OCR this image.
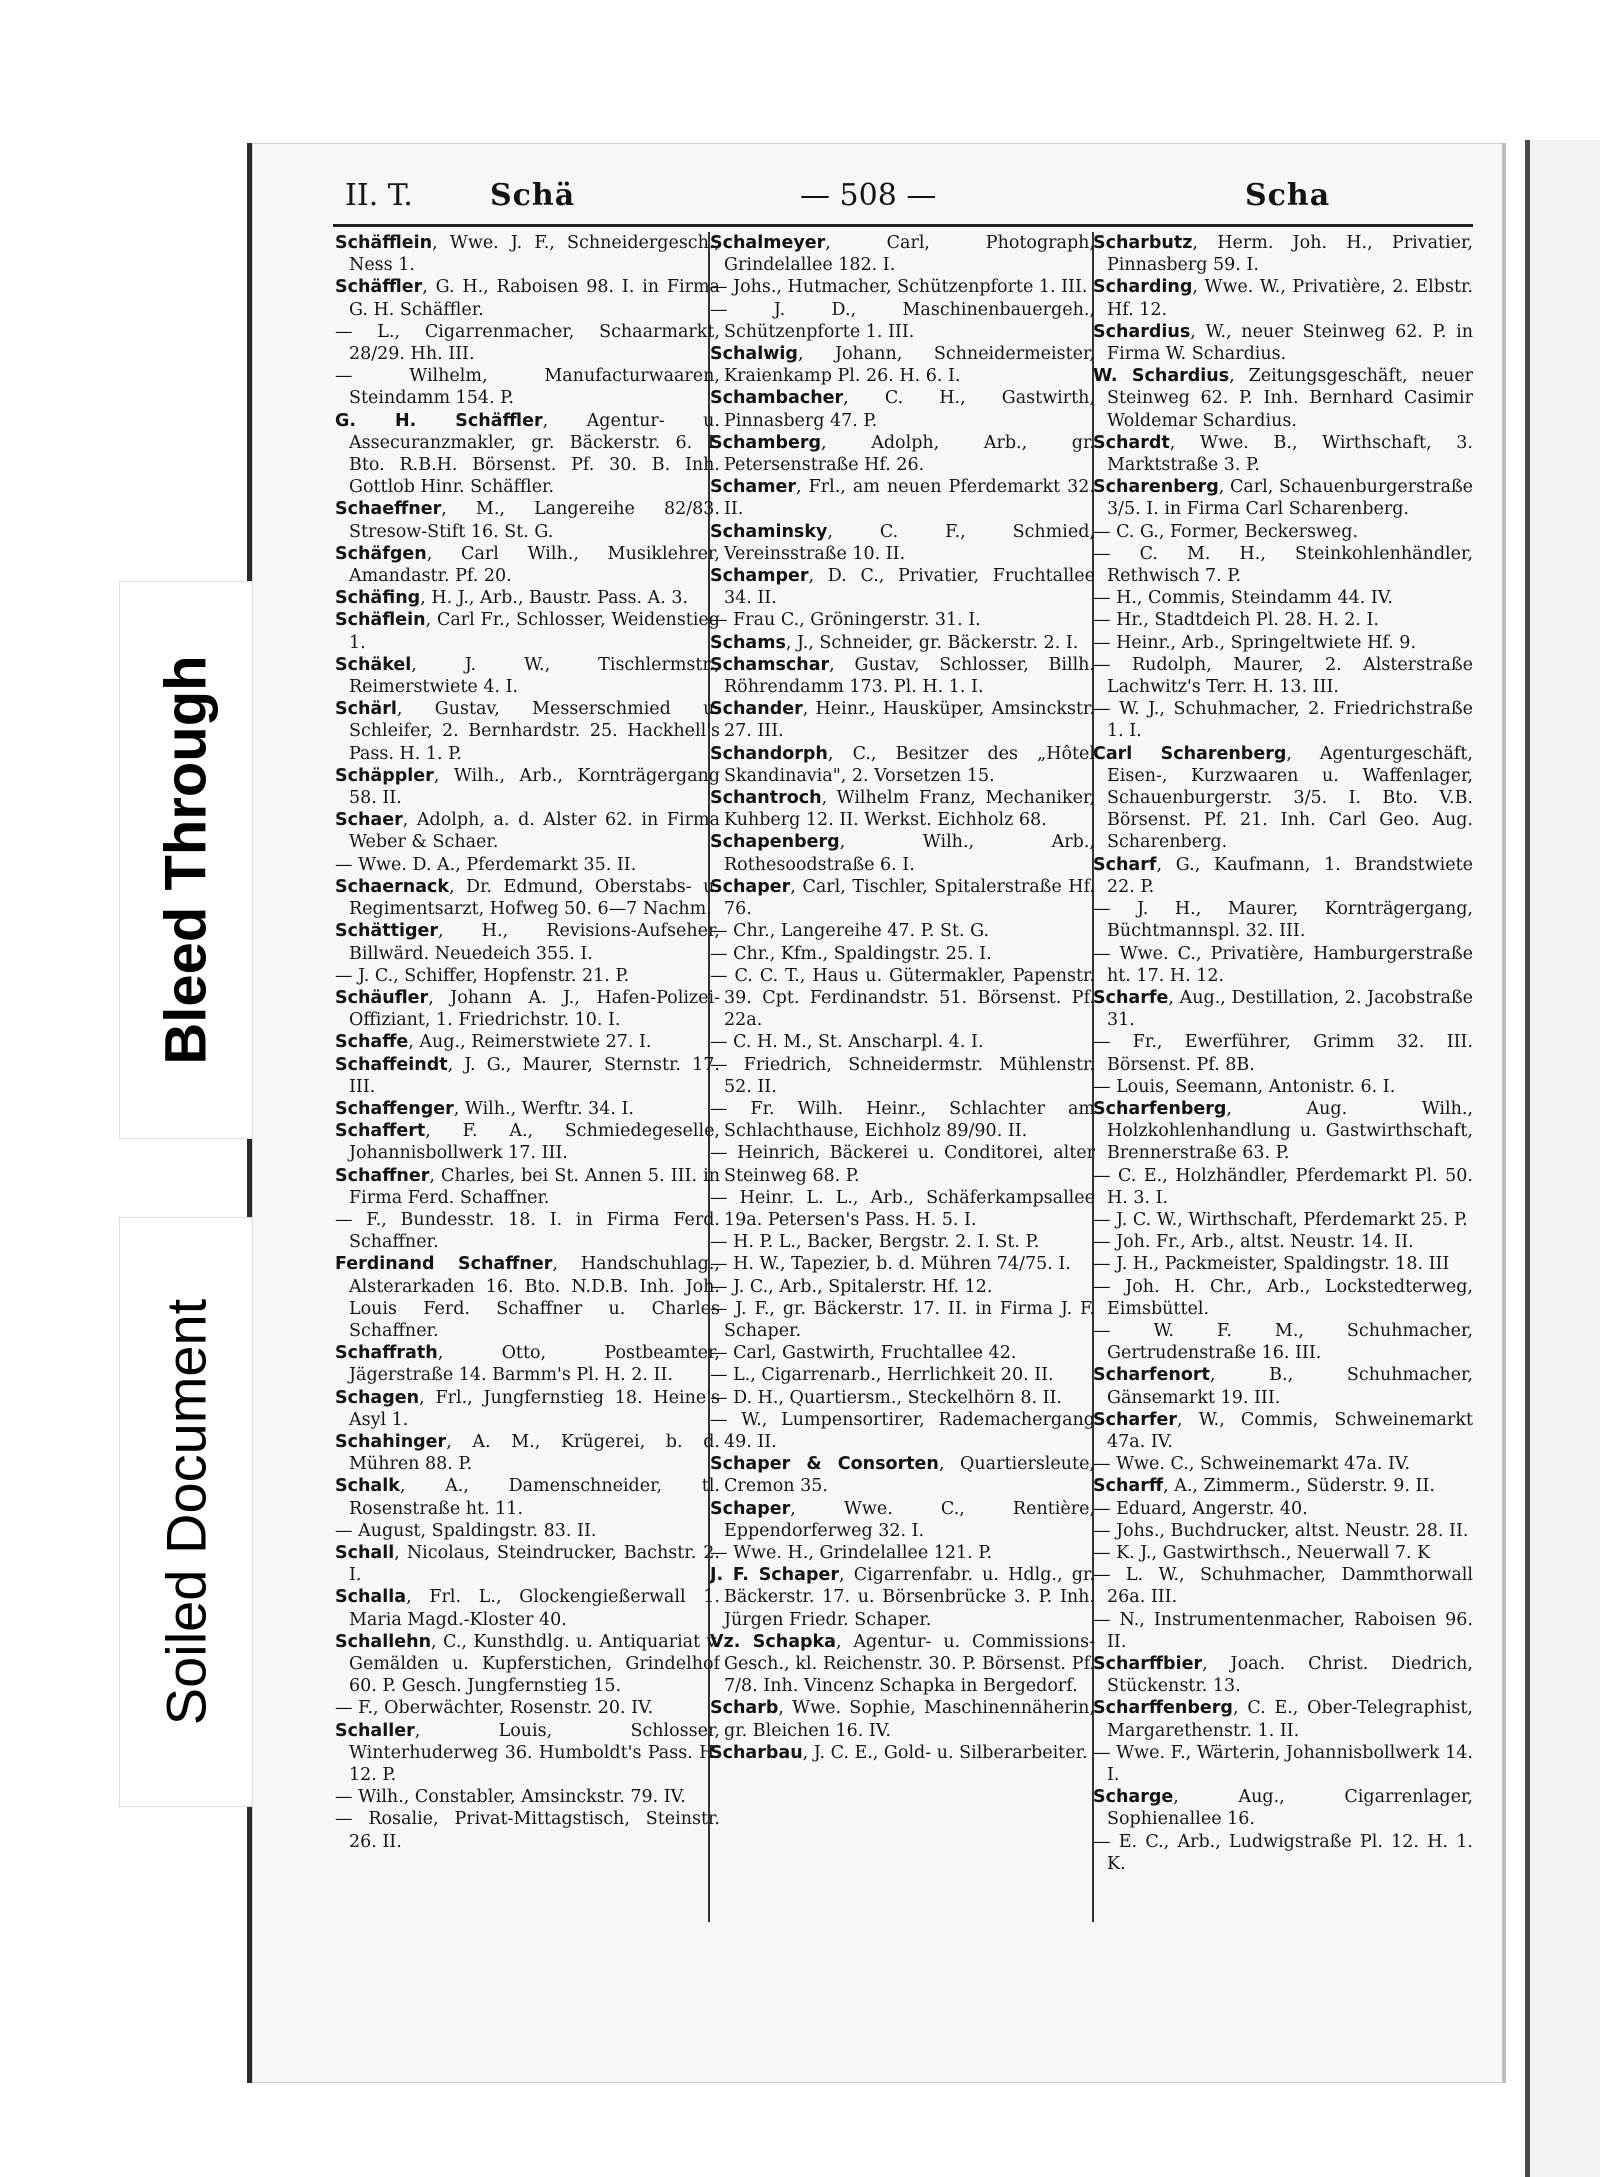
II. T.	Schä	— 508 —	Scha
Schäfflein, Wwe. J. F., Schneidergesch., Ness 1.
Schäffler, G. H., Raboisen 98. I. in Firma G. H. Schäffler.
— L., Cigarrenmacher, Schaarmarkt, 28/29. Hh. III.
— Wilhelm, Manufacturwaaren, Steindamm 154. P.
G. H. Schäffler, Agentur- u. Assecuranzmakler, gr. Bäckerstr. 6. I. Bto. R.B.H. Börsenst. Pf. 30. B. Inh. Gottlob Hinr. Schäffler.
Schaeffner, M., Langereihe 82/83. Stresow-Stift 16. St. G.
Schäfgen, Carl Wilh., Musiklehrer, Amandastr. Pf. 20.
Schäfing, H. J., Arb., Baustr. Pass. A. 3.
Schäflein, Carl Fr., Schlosser, Weidenstieg 1.
Schäkel, J. W., Tischlermstr., Reimerstwiete 4. I.
Schärl, Gustav, Messerschmied u. Schleifer, 2. Bernhardstr. 25. Hackhell's Pass. H. 1. P.
Schäppler, Wilh., Arb., Kornträgergang 58. II.
Schaer, Adolph, a. d. Alster 62. in Firma Weber & Schaer.
— Wwe. D. A., Pferdemarkt 35. II.
Schaernack, Dr. Edmund, Oberstabs- u. Regimentsarzt, Hofweg 50. 6—7 Nachm.
Schättiger, H., Revisions-Aufseher, Billwärd. Neuedeich 355. I.
— J. C., Schiffer, Hopfenstr. 21. P.
Schäufler, Johann A. J., Hafen-Polizei-Offiziant, 1. Friedrichstr. 10. I.
Schaffe, Aug., Reimerstwiete 27. I.
Schaffeindt, J. G., Maurer, Sternstr. 17. III.
Schaffenger, Wilh., Werftr. 34. I.
Schaffert, F. A., Schmiedegeselle, Johannisbollwerk 17. III.
Schaffner, Charles, bei St. Annen 5. III. in Firma Ferd. Schaffner.
— F., Bundesstr. 18. I. in Firma Ferd. Schaffner.
Ferdinand Schaffner, Handschuhlag., Alsterarkaden 16. Bto. N.D.B. Inh. Joh. Louis Ferd. Schaffner u. Charles Schaffner.
Schaffrath, Otto, Postbeamter, Jägerstraße 14. Barmm's Pl. H. 2. II.
Schagen, Frl., Jungfernstieg 18. Heine's Asyl 1.
Schahinger, A. M., Krügerei, b. d. Mühren 88. P.
Schalk, A., Damenschneider, tl. Rosenstraße ht. 11.
— August, Spaldingstr. 83. II.
Schall, Nicolaus, Steindrucker, Bachstr. 2. I.
Schalla, Frl. L., Glockengießerwall 1. Maria Magd.-Kloster 40.
Schallehn, C., Kunsthdlg. u. Antiquariat v. Gemälden u. Kupferstichen, Grindelhof 60. P. Gesch. Jungfernstieg 15.
— F., Oberwächter, Rosenstr. 20. IV.
Schaller, Louis, Schlosser, Winterhuderweg 36. Humboldt's Pass. H. 12. P.
— Wilh., Constabler, Amsinckstr. 79. IV.
— Rosalie, Privat-Mittagstisch, Steinstr. 26. II.
Schalmeyer, Carl, Photograph, Grindelallee 182. I.
— Johs., Hutmacher, Schützenpforte 1. III.
— J. D., Maschinenbauergeh., Schützenpforte 1. III.
Schalwig, Johann, Schneidermeister, Kraienkamp Pl. 26. H. 6. I.
Schambacher, C. H., Gastwirth, Pinnasberg 47. P.
Schamberg, Adolph, Arb., gr. Petersenstraße Hf. 26.
Schamer, Frl., am neuen Pferdemarkt 32. II.
Schaminsky, C. F., Schmied, Vereinsstraße 10. II.
Schamper, D. C., Privatier, Fruchtallee 34. II.
— Frau C., Gröningerstr. 31. I.
Schams, J., Schneider, gr. Bäckerstr. 2. I.
Schamschar, Gustav, Schlosser, Billh. Röhrendamm 173. Pl. H. 1. I.
Schander, Heinr., Hausküper, Amsinckstr. 27. III.
Schandorph, C., Besitzer des „Hôtel Skandinavia", 2. Vorsetzen 15.
Schantroch, Wilhelm Franz, Mechaniker, Kuhberg 12. II. Werkst. Eichholz 68.
Schapenberg, Wilh., Arb., Rothesoodstraße 6. I.
Schaper, Carl, Tischler, Spitalerstraße Hf. 76.
— Chr., Langereihe 47. P. St. G.
— Chr., Kfm., Spaldingstr. 25. I.
— C. C. T., Haus u. Gütermakler, Papenstr. 39. Cpt. Ferdinandstr. 51. Börsenst. Pf. 22a.
— C. H. M., St. Anscharpl. 4. I.
— Friedrich, Schneidermstr. Mühlenstr. 52. II.
— Fr. Wilh. Heinr., Schlachter am Schlachthause, Eichholz 89/90. II.
— Heinrich, Bäckerei u. Conditorei, alter Steinweg 68. P.
— Heinr. L. L., Arb., Schäferkampsallee 19a. Petersen's Pass. H. 5. I.
— H. P. L., Backer, Bergstr. 2. I. St. P.
— H. W., Tapezier, b. d. Mühren 74/75. I.
— J. C., Arb., Spitalerstr. Hf. 12.
— J. F., gr. Bäckerstr. 17. II. in Firma J. F. Schaper.
— Carl, Gastwirth, Fruchtallee 42.
— L., Cigarrenarb., Herrlichkeit 20. II.
— D. H., Quartiersm., Steckelhörn 8. II.
— W., Lumpensortirer, Rademachergang 49. II.
Schaper & Consorten, Quartiersleute, Cremon 35.
Schaper, Wwe. C., Rentière, Eppendorferweg 32. I.
— Wwe. H., Grindelallee 121. P.
J. F. Schaper, Cigarrenfabr. u. Hdlg., gr. Bäckerstr. 17. u. Börsenbrücke 3. P. Inh. Jürgen Friedr. Schaper.
Vz. Schapka, Agentur- u. Commissions-Gesch., kl. Reichenstr. 30. P. Börsenst. Pf. 7/8. Inh. Vincenz Schapka in Bergedorf.
Scharb, Wwe. Sophie, Maschinennäherin, gr. Bleichen 16. IV.
Scharbau, J. C. E., Gold- u. Silberarbeiter.
Scharbutz, Herm. Joh. H., Privatier, Pinnasberg 59. I.
Scharding, Wwe. W., Privatière, 2. Elbstr. Hf. 12.
Schardius, W., neuer Steinweg 62. P. in Firma W. Schardius.
W. Schardius, Zeitungsgeschäft, neuer Steinweg 62. P. Inh. Bernhard Casimir Woldemar Schardius.
Schardt, Wwe. B., Wirthschaft, 3. Marktstraße 3. P.
Scharenberg, Carl, Schauenburgerstraße 3/5. I. in Firma Carl Scharenberg.
— C. G., Former, Beckersweg.
— C. M. H., Steinkohlenhändler, Rethwisch 7. P.
— H., Commis, Steindamm 44. IV.
— Hr., Stadtdeich Pl. 28. H. 2. I.
— Heinr., Arb., Springeltwiete Hf. 9.
— Rudolph, Maurer, 2. Alsterstraße Lachwitz's Terr. H. 13. III.
— W. J., Schuhmacher, 2. Friedrichstraße 1. I.
Carl Scharenberg, Agenturgeschäft, Eisen-, Kurzwaaren u. Waffenlager, Schauenburgerstr. 3/5. I. Bto. V.B. Börsenst. Pf. 21. Inh. Carl Geo. Aug. Scharenberg.
Scharf, G., Kaufmann, 1. Brandstwiete 22. P.
— J. H., Maurer, Kornträgergang, Büchtmannspl. 32. III.
— Wwe. C., Privatière, Hamburgerstraße ht. 17. H. 12.
Scharfe, Aug., Destillation, 2. Jacobstraße 31.
— Fr., Ewerführer, Grimm 32. III. Börsenst. Pf. 8B.
— Louis, Seemann, Antonistr. 6. I.
Scharfenberg, Aug. Wilh., Holzkohlenhandlung u. Gastwirthschaft, Brennerstraße 63. P.
— C. E., Holzhändler, Pferdemarkt Pl. 50. H. 3. I.
— J. C. W., Wirthschaft, Pferdemarkt 25. P.
— Joh. Fr., Arb., altst. Neustr. 14. II.
— J. H., Packmeister, Spaldingstr. 18. III
— Joh. H. Chr., Arb., Lockstedterweg, Eimsbüttel.
— W. F. M., Schuhmacher, Gertrudenstraße 16. III.
Scharfenort, B., Schuhmacher, Gänsemarkt 19. III.
Scharfer, W., Commis, Schweinemarkt 47a. IV.
— Wwe. C., Schweinemarkt 47a. IV.
Scharff, A., Zimmerm., Süderstr. 9. II.
— Eduard, Angerstr. 40.
— Johs., Buchdrucker, altst. Neustr. 28. II.
— K. J., Gastwirthsch., Neuerwall 7. K
— L. W., Schuhmacher, Dammthorwall 26a. III.
— N., Instrumentenmacher, Raboisen 96. II.
Scharffbier, Joach. Christ. Diedrich, Stückenstr. 13.
Scharffenberg, C. E., Ober-Telegraphist, Margarethenstr. 1. II.
— Wwe. F., Wärterin, Johannisbollwerk 14. I.
Scharge, Aug., Cigarrenlager, Sophienallee 16.
— E. C., Arb., Ludwigstraße Pl. 12. H. 1. K.
Bleed Through
Soiled Document
